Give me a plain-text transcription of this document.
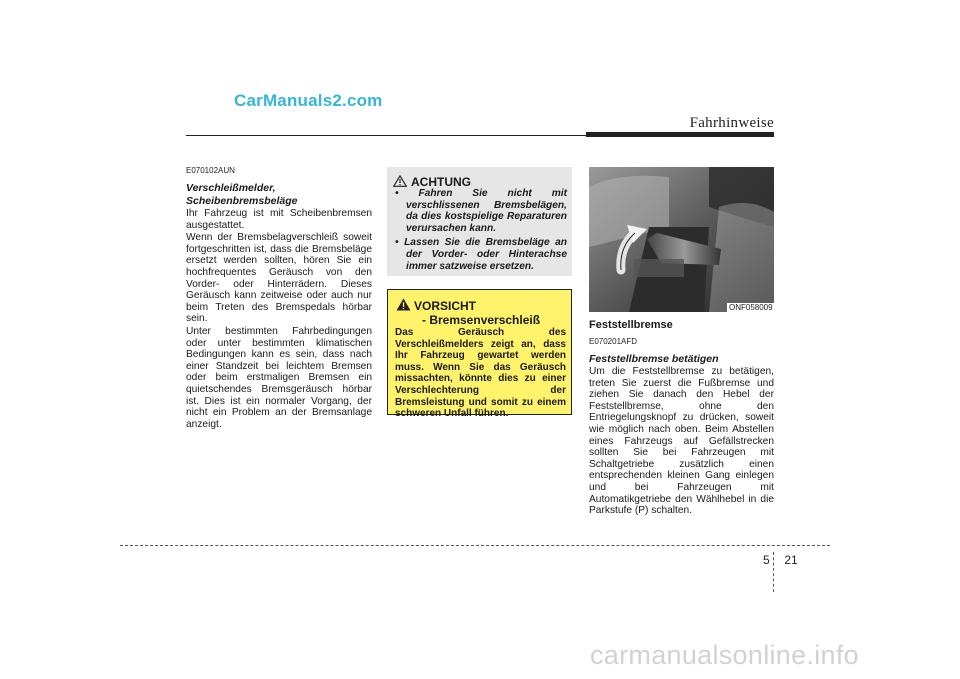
CarManuals2.com
Fahrhinweise
E070102AUN
Verschleißmelder,
Scheibenbremsbeläge

Ihr Fahrzeug ist mit Scheibenbremsen ausgestattet.

Wenn der Bremsbelagverschleiß soweit fortgeschritten ist, dass die Bremsbeläge ersetzt werden sollten, hören Sie ein hochfrequentes Geräusch von den Vorder- oder Hinterrädern. Dieses Geräusch kann zeitweise oder auch nur beim Treten des Bremspedals hörbar sein.

Unter bestimmten Fahrbedingungen oder unter bestimmten klimatischen Bedingungen kann es sein, dass nach einer Standzeit bei leichtem Bremsen oder beim erstmaligen Bremsen ein quietschendes Bremsgeräusch hörbar ist. Dies ist ein normaler Vorgang, der nicht ein Problem an der Bremsanlage anzeigt.

ACHTUNG
• Fahren Sie nicht mit verschlissenen Bremsbelägen, da dies kostspielige Reparaturen verursachen kann.
• Lassen Sie die Bremsbeläge an der Vorder- oder Hinterachse immer satzweise ersetzen.
VORSICHT
- Bremsenverschleiß
Das Geräusch des Verschleißmelders zeigt an, dass Ihr Fahrzeug gewartet werden muss. Wenn Sie das Geräusch missachten, könnte dies zu einer Verschlechterung der Bremsleistung und somit zu einem schweren Unfall führen.
ONF058009
Feststellbremse
E070201AFD
Feststellbremse betätigen

Um die Feststellbremse zu betätigen, treten Sie zuerst die Fußbremse und ziehen Sie danach den Hebel der Feststellbremse, ohne den Entriegelungsknopf zu drücken, soweit wie möglich nach oben. Beim Abstellen eines Fahrzeugs auf Gefällstrecken sollten Sie bei Fahrzeugen mit Schaltgetriebe zusätzlich einen entsprechenden kleinen Gang einlegen und bei Fahrzeugen mit Automatikgetriebe den Wählhebel in die Parkstufe (P) schalten.

5 21
carmanualsonline.info
